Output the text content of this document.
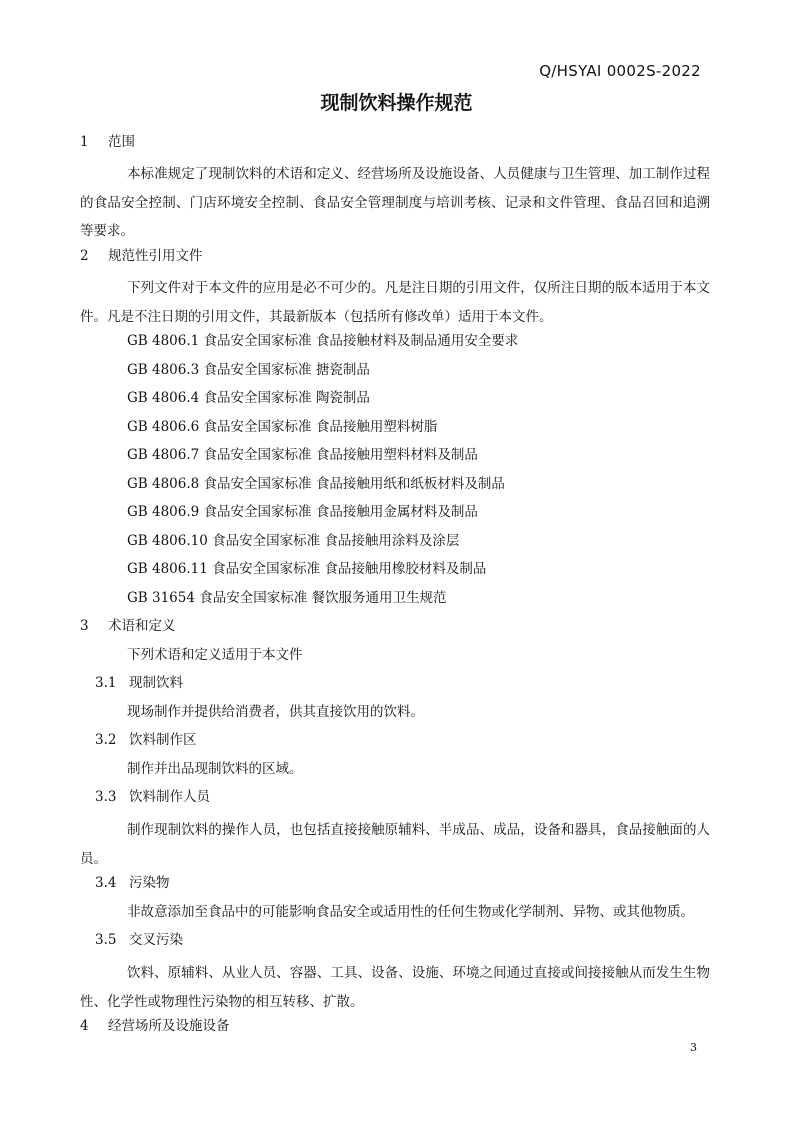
Q/HSYAI 0002S-2022
现制饮料操作规范
1 范围
本标准规定了现制饮料的术语和定义、经营场所及设施设备、人员健康与卫生管理、加工制作过程的食品安全控制、门店环境安全控制、食品安全管理制度与培训考核、记录和文件管理、食品召回和追溯等要求。
2 规范性引用文件
下列文件对于本文件的应用是必不可少的。凡是注日期的引用文件，仅所注日期的版本适用于本文件。凡是不注日期的引用文件，其最新版本（包括所有修改单）适用于本文件。
GB 4806.1 食品安全国家标准 食品接触材料及制品通用安全要求
GB 4806.3 食品安全国家标准 搪瓷制品
GB 4806.4 食品安全国家标准 陶瓷制品
GB 4806.6 食品安全国家标准 食品接触用塑料树脂
GB 4806.7 食品安全国家标准 食品接触用塑料材料及制品
GB 4806.8 食品安全国家标准 食品接触用纸和纸板材料及制品
GB 4806.9 食品安全国家标准 食品接触用金属材料及制品
GB 4806.10 食品安全国家标准 食品接触用涂料及涂层
GB 4806.11 食品安全国家标准 食品接触用橡胶材料及制品
GB 31654 食品安全国家标准 餐饮服务通用卫生规范
3 术语和定义
下列术语和定义适用于本文件
3.1 现制饮料
现场制作并提供给消费者，供其直接饮用的饮料。
3.2 饮料制作区
制作并出品现制饮料的区域。
3.3 饮料制作人员
制作现制饮料的操作人员，也包括直接接触原辅料、半成品、成品，设备和器具，食品接触面的人员。
3.4 污染物
非故意添加至食品中的可能影响食品安全或适用性的任何生物或化学制剂、异物、或其他物质。
3.5 交叉污染
饮料、原辅料、从业人员、容器、工具、设备、设施、环境之间通过直接或间接接触从而发生生物性、化学性或物理性污染物的相互转移、扩散。
4 经营场所及设施设备
3
